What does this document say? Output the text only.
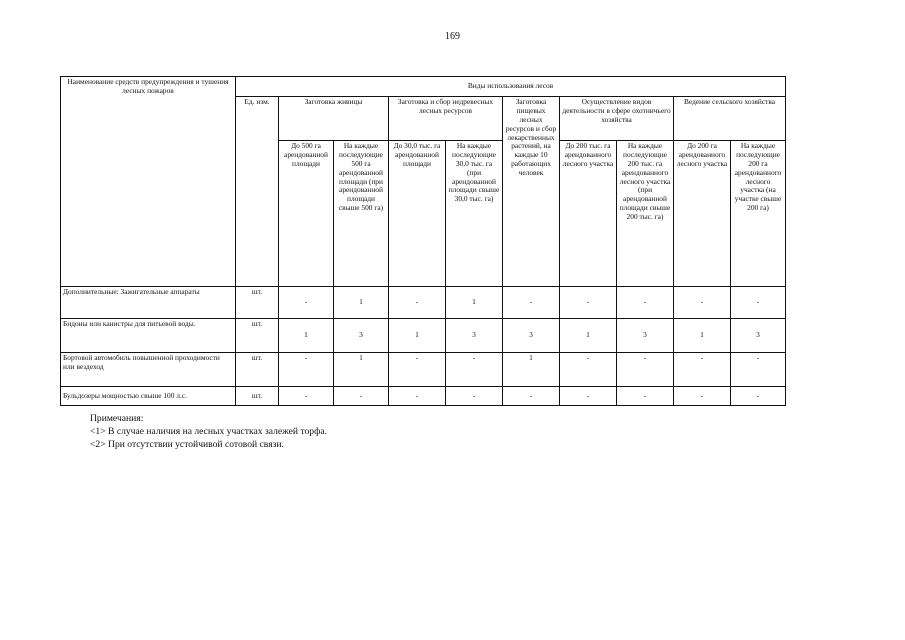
169
Наименование средств предупреждения и тушения лесных пожаров	Виды использования лесов									
	Ед. изм.	Заготовка живицы		Заготовка и сбор недревесных лесных ресурсов		Заготовка пищевых лесных ресурсов и сбор лекарственных растений, на каждые 10 работающих человек	Осуществление видов деятельности в сфере охотничьего хозяйства		Ведение сельского хозяйства	
		До 500 га арендованной площади	На каждые последующие 500 га арендованной площади (при арендованной площади свыше 500 га)	До 30,0 тыс. га арендованной площади	На каждые последующие 30,0 тыс. га (при арендованной площади свыше 30,0 тыс. га)		До 200 тыс. га арендованного лесного участка	На каждые последующие 200 тыс. га арендованного лесного участка (при арендованной площади свыше 200 тыс. га)	До 200 га арендованного лесного участка	На каждые последующие 200 га арендованного лесного участка (на участке свыше 200 га)
Дополнительные: Зажигательные аппараты	шт.	-	1	-	1	-	-	-	-	-
Бидоны или канистры для питьевой воды.	шт.	1	3	1	3	3	1	3	1	3
Бортовой автомобиль повышенной проходимости или вездеход	шт.	-	1	-	-	1	-	-	-	-
Бульдозеры мощностью свыше 100 л.с.	шт.	-	-	-	-	-	-	-	-	-
Примечания:
<1> В случае наличия на лесных участках залежей торфа.
<2> При отсутствии устойчивой сотовой связи.
